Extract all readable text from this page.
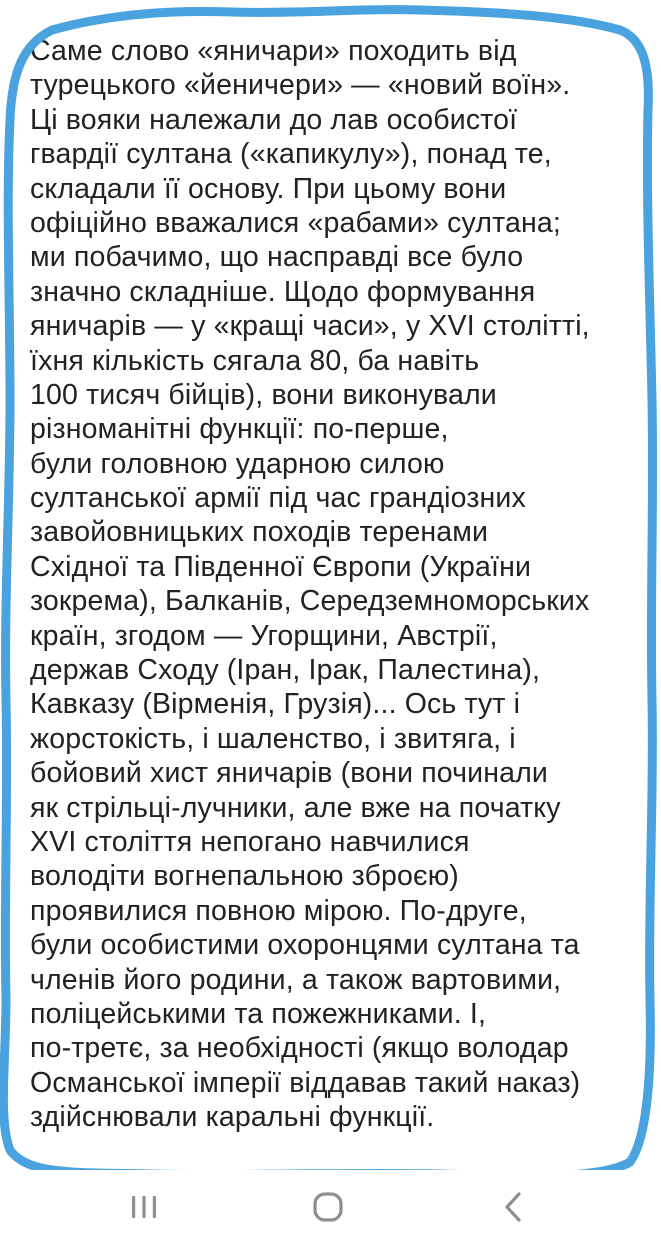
Саме слово «яничари» походить від
турецького «йеничери» — «новий воїн».
Ці вояки належали до лав особистої
гвардії султана («капикулу»), понад те,
складали її основу. При цьому вони
офіційно вважалися «рабами» султана;
ми побачимо, що насправді все було
значно складніше. Щодо формування
яничарів — у «кращі часи», у XVI столітті,
їхня кількість сягала 80, ба навіть
100 тисяч бійців), вони виконували
різноманітні функції: по-перше,
були головною ударною силою
султанської армії під час грандіозних
завойовницьких походів теренами
Східної та Південної Європи (України
зокрема), Балканів, Середземноморських
країн, згодом — Угорщини, Австрії,
держав Сходу (Іран, Ірак, Палестина),
Кавказу (Вірменія, Грузія)... Ось тут і
жорстокість, і шаленство, і звитяга, і
бойовий хист яничарів (вони починали
як стрільці-лучники, але вже на початку
XVI століття непогано навчилися
володіти вогнепальною зброєю)
проявилися повною мірою. По-друге,
були особистими охоронцями султана та
членів його родини, а також вартовими,
поліцейськими та пожежниками. І,
по-третє, за необхідності (якщо володар
Османської імперії віддавав такий наказ)
здійснювали каральні функції.
